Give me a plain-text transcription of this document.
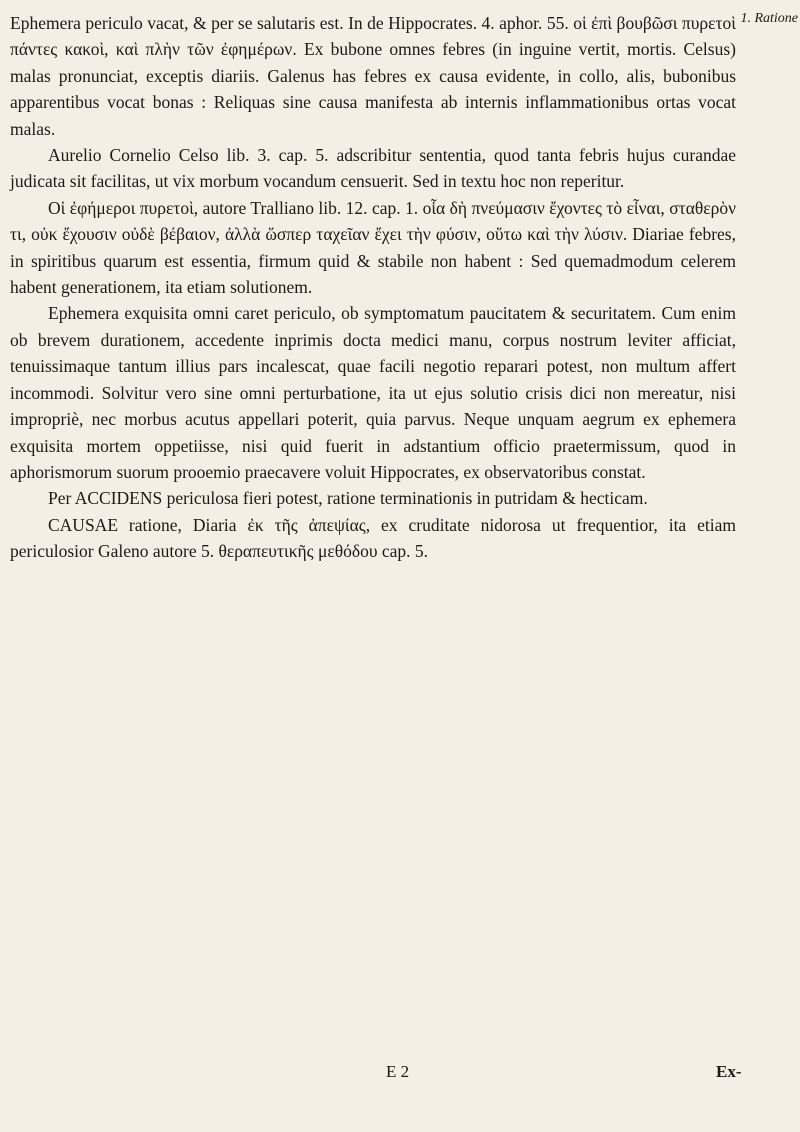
1. Ratione

Ephemera periculo vacat, & per se salutaris est. In de Hippocrates. 4. aphor. 55. οἱ ἐπὶ βουβῶσι πυρετοὶ πάντες κακοὶ, καὶ πλὴν τῶν ἐφημέρων. Ex bubone omnes febres (in inguine vertit, mortis. Celsus) malas pronunciat, exceptis diariis. Galenus has febres ex causa evidente, in collo, alis, bubonibus apparentibus vocat bonas : Reliquas sine causa manifesta ab internis inflammationibus ortas vocat malas.

Aurelio Cornelio Celso lib. 3. cap. 5. adscribitur sententia, quod tanta febris hujus curandae judicata sit facilitas, ut vix morbum vocandum censuerit. Sed in textu hoc non reperitur.

Οἱ ἐφήμεροι πυρετοὶ, autore Tralliano lib. 12. cap. 1. οἷα δὴ πνεύμασιν ἔχοντες τὸ εἶναι, σταθερὸν τι, οὐκ ἔχουσιν οὐδὲ βέβαιον, ἀλλὰ ὥσπερ ταχεῖαν ἔχει τὴν φύσιν, οὕτω καὶ τὴν λύσιν. Diariae febres, in spiritibus quarum est essentia, firmum quid & stabile non habent : Sed quemadmodum celerem habent generationem, ita etiam solutionem.

Ephemera exquisita omni caret periculo, ob symptomatum paucitatem & securitatem. Cum enim ob brevem durationem, accedente inprimis docta medici manu, corpus nostrum leviter afficiat, tenuissimaque tantum illius pars incalescat, quae facili negotio reparari potest, non multum affert incommodi. Solvitur vero sine omni perturbatione, ita ut ejus solutio crisis dici non mereatur, nisi impropriè, nec morbus acutus appellari poterit, quia parvus. Neque unquam aegrum ex ephemera exquisita mortem oppetiisse, nisi quid fuerit in adstantium officio praetermissum, quod in aphorismorum suorum prooemio praecavere voluit Hippocrates, ex observatoribus constat.

Per ACCIDENS periculosa fieri potest, ratione terminationis in putridam & hecticam.

CAUSAE ratione, Diaria ἐκ τῆς ἀπεψίας, ex cruditate nidorosa ut frequentior, ita etiam periculosior Galeno autore 5. θεραπευτικῆς μεθόδου cap. 5.

E 2	Ex-
